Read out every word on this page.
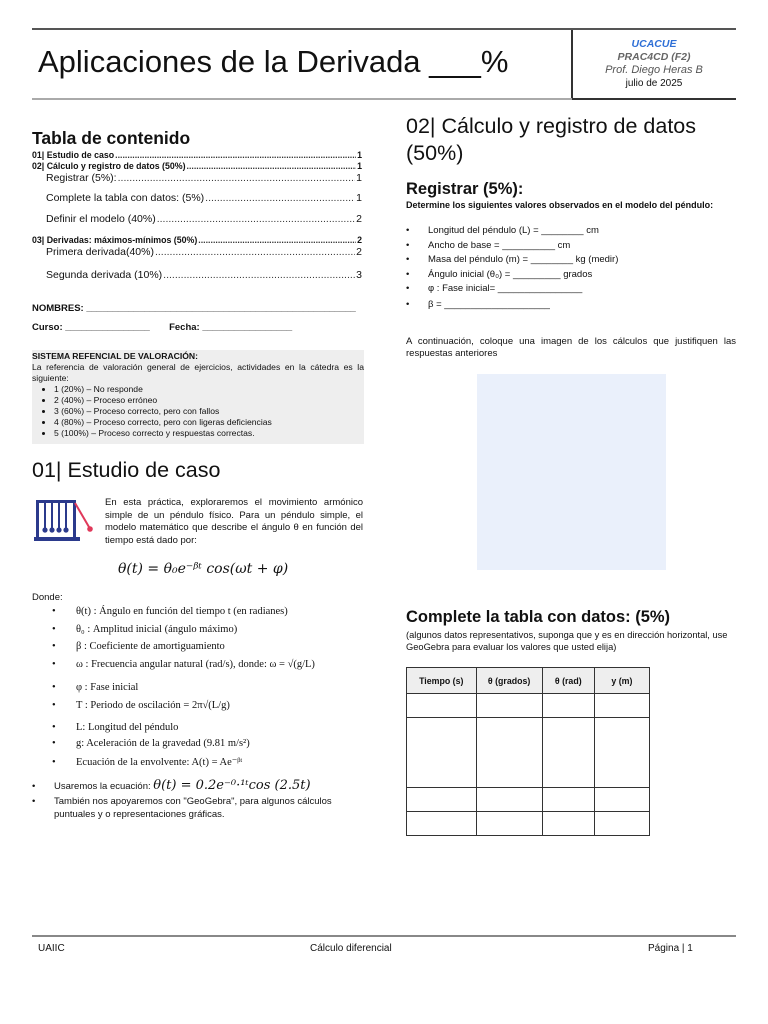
Aplicaciones de la Derivada ___%	UCACUE
PRAC4CD (F2)
Prof. Diego Heras B
julio de 2025
Tabla de contenido
01| Estudio de caso .....	1
02| Cálculo y registro de datos (50%) .....	1
Registrar (5%): .....	1
Complete la tabla con datos: (5%) .....	1
Definir el modelo (40%) .....	2
03| Derivadas: máximos-mínimos (50%) .....	2
Primera derivada(40%) .....	2
Segunda derivada (10%) .....	3
NOMBRES: ___________________________________________________
Curso: ________________ Fecha: _________________
SISTEMA REFENCIAL DE VALORACIÓN:

La referencia de valoración general de ejercicios, actividades en la cátedra es la siguiente:

• 1 (20%) – No responde
• 2 (40%) – Proceso erróneo
• 3 (60%) – Proceso correcto, pero con fallos
• 4 (80%) – Proceso correcto, pero con ligeras deficiencias
• 5 (100%) – Proceso correcto y respuestas correctas.
01| Estudio de caso
En esta práctica, exploraremos el movimiento armónico simple de un péndulo físico. Para un péndulo simple, el modelo matemático que describe el ángulo θ en función del tiempo está dado por:
θ(t) = θ₀e⁻ᵝᵗ cos(ωt + φ)
Donde:
• θ(t) : Ángulo en función del tiempo t (en radianes)
• θ₀ : Amplitud inicial (ángulo máximo)
• β : Coeficiente de amortiguamiento
• ω : Frecuencia angular natural (rad/s), donde: ω = √(g/L)
• φ : Fase inicial
• T : Periodo de oscilación = 2π√(L/g)
• L: Longitud del péndulo
• g: Aceleración de la gravedad (9.81 m/s²)
• Ecuación de la envolvente: A(t) = Ae⁻ᵝᵗ
• Usaremos la ecuación: θ(t) = 0.2e⁻⁰·¹ᵗcos (2.5t)
•	También nos apoyaremos con "GeoGebra", para algunos cálculos puntuales y o representaciones gráficas.
02| Cálculo y registro de datos (50%)
Registrar (5%):
Determine los siguientes valores observados en el modelo del péndulo:
• Longitud del péndulo (L) = ________ cm
• Ancho de base = __________ cm
• Masa del péndulo (m) = ________ kg (medir)
• Ángulo inicial (θ₀) = _________ grados
• φ : Fase inicial= ________________
• β = ____________________
A continuación, coloque una imagen de los cálculos que justifiquen las respuestas anteriores
Complete la tabla con datos: (5%)
(algunos datos representativos, suponga que y es en dirección horizontal, use GeoGebra para evaluar los valores que usted elija)
Tiempo (s)	θ (grados)	θ (rad)	y (m)

UAIIC	Cálculo diferencial	Página | 1
